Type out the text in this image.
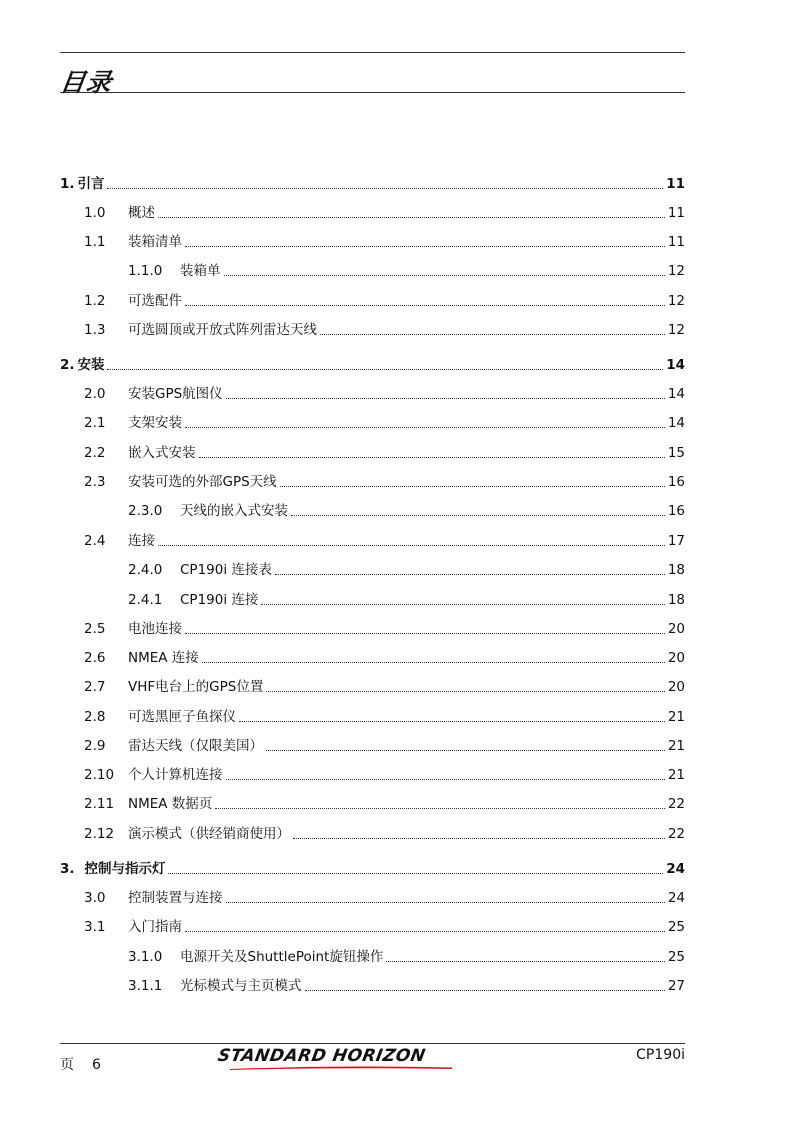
目录
1. 引言	11
1.0	概述	11
1.1	装箱清单	11
1.1.0	装箱单	12
1.2	可选配件	12
1.3	可选圆顶或开放式阵列雷达天线	12
2. 安装	14
2.0	安装GPS航图仪	14
2.1	支架安装	14
2.2	嵌入式安装	15
2.3	安装可选的外部GPS天线	16
2.3.0	天线的嵌入式安装	16
2.4	连接	17
2.4.0	CP190i 连接表	18
2.4.1	CP190i 连接	18
2.5	电池连接	20
2.6	NMEA 连接	20
2.7	VHF电台上的GPS位置	20
2.8	可选黑匣子鱼探仪	21
2.9	雷达天线（仅限美国）	21
2.10	个人计算机连接	21
2.11	NMEA 数据页	22
2.12	演示模式（供经销商使用）	22
3. 控制与指示灯	24
3.0	控制装置与连接	24
3.1	入门指南	25
3.1.0	电源开关及ShuttlePoint旋钮操作	25
3.1.1	光标模式与主页模式	27
页 6	STANDARD HORIZON	CP190i
